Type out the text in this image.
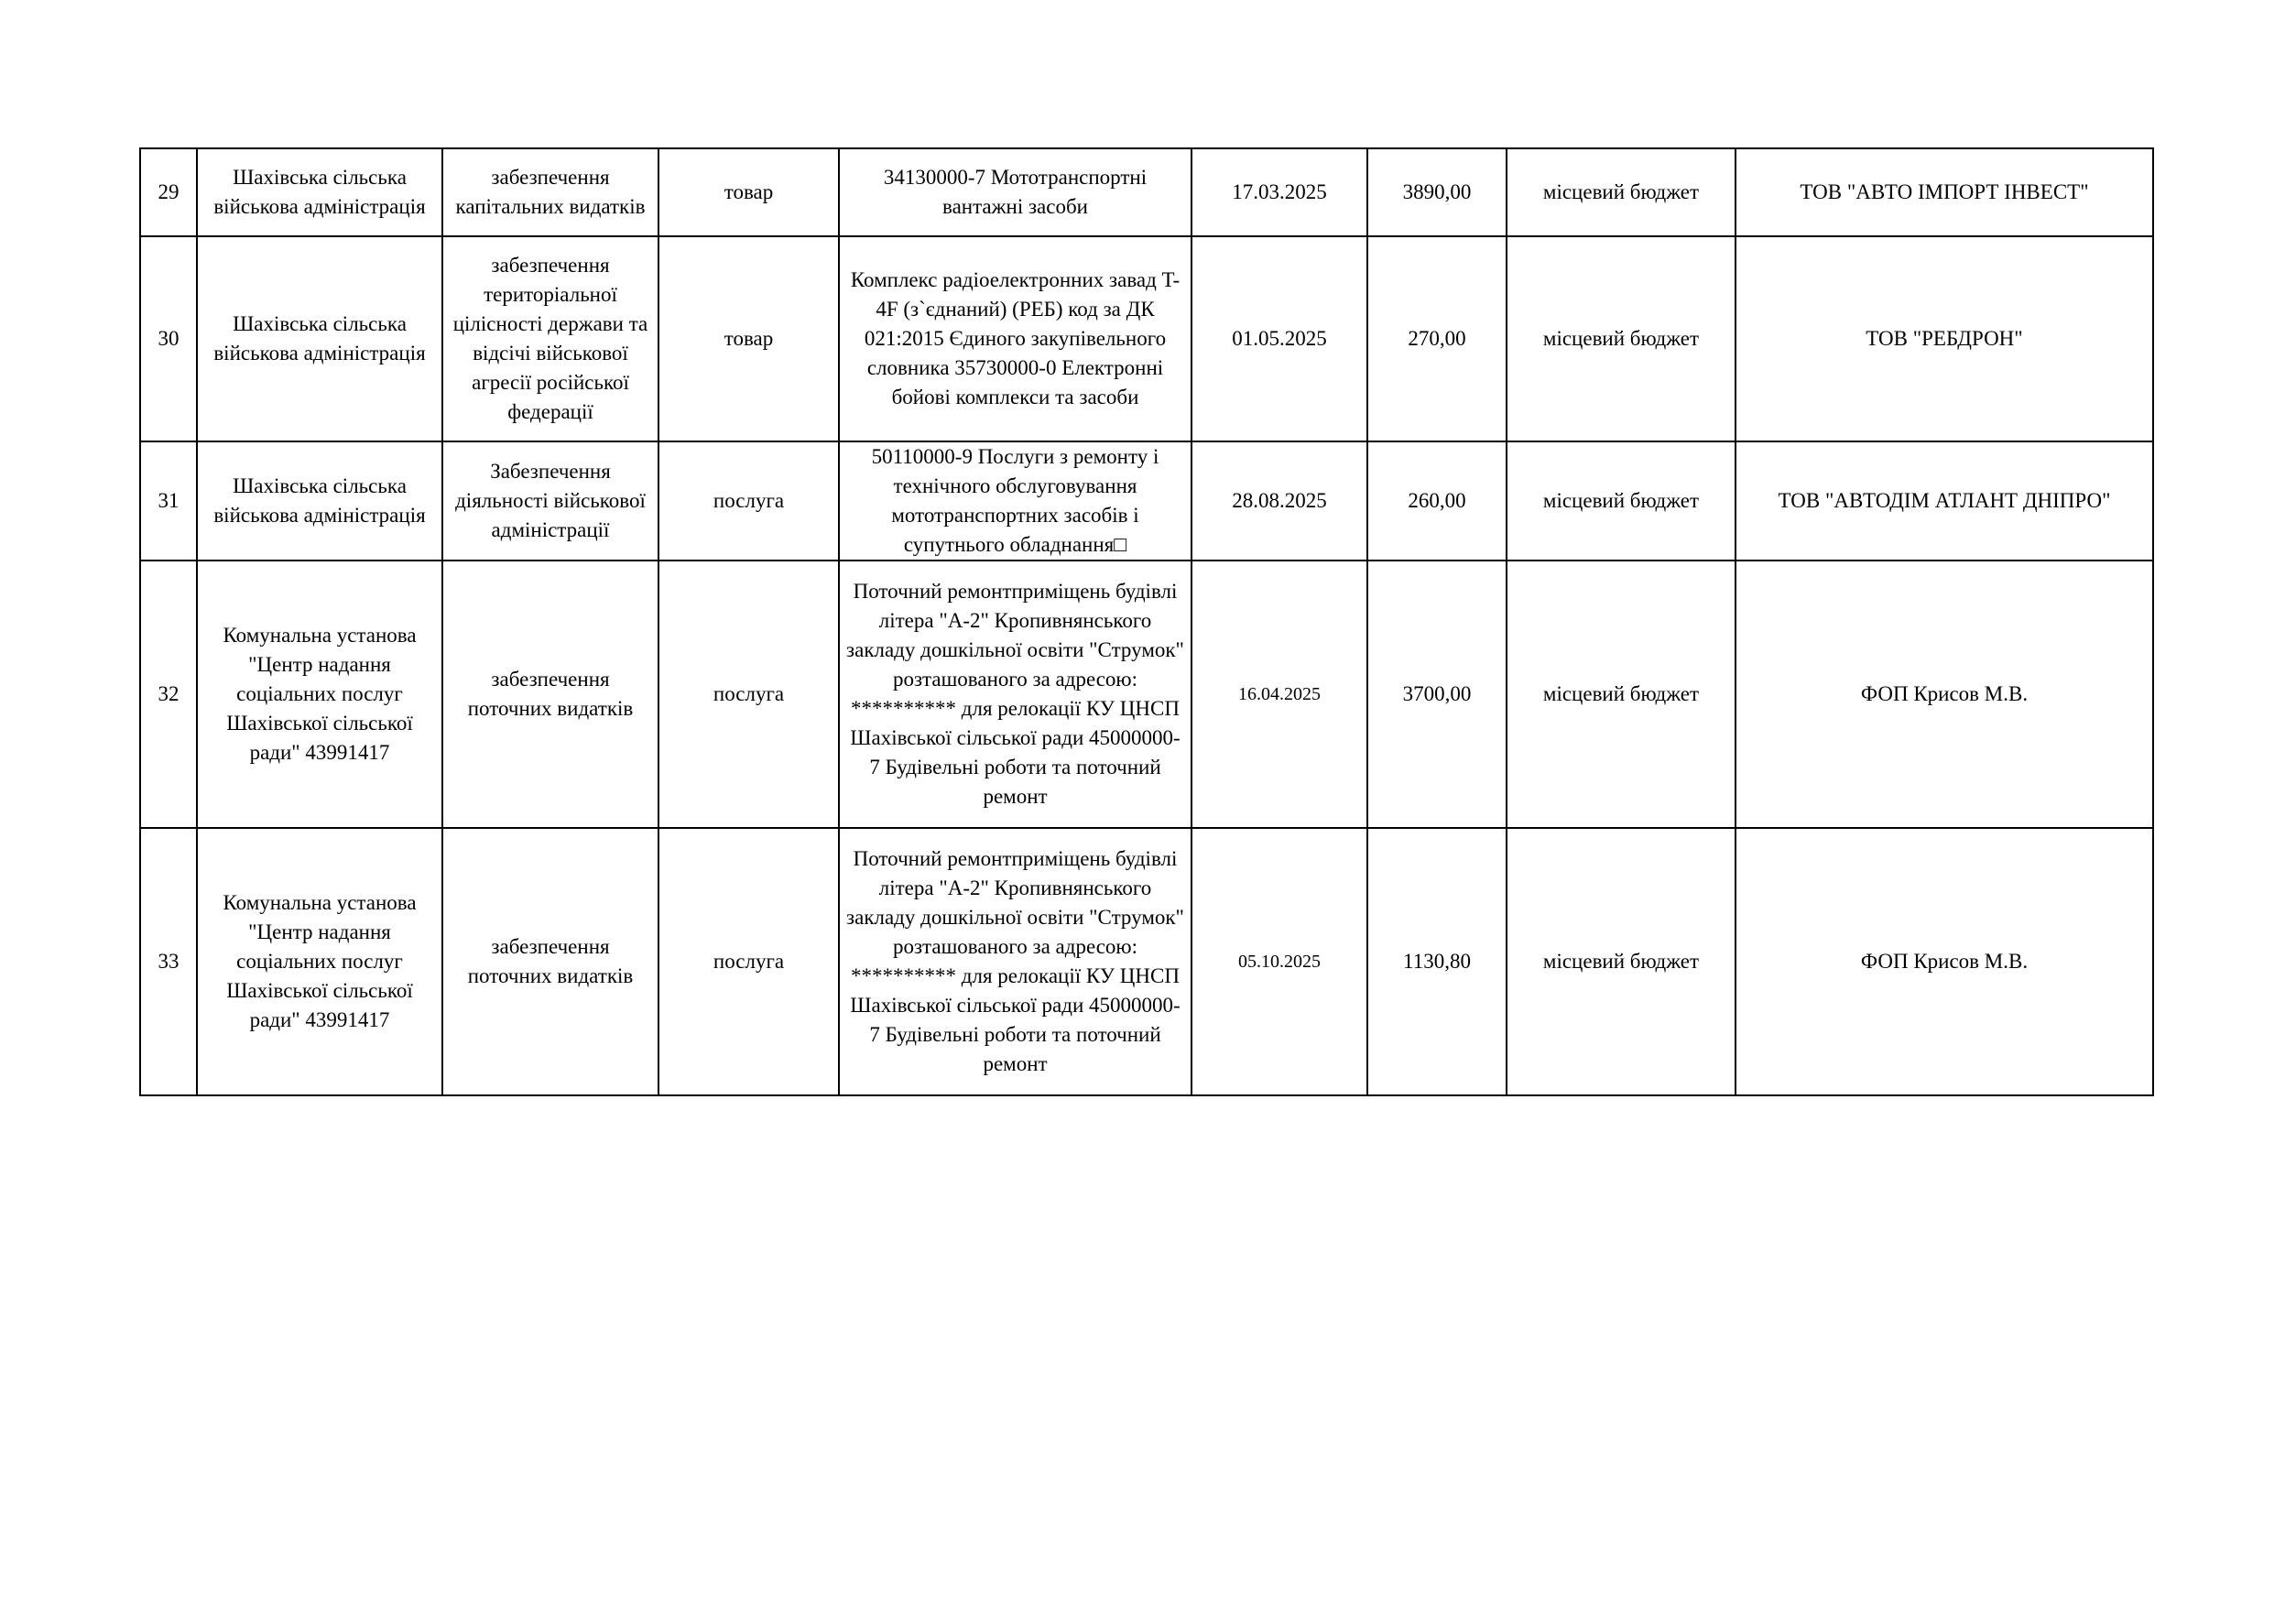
29	Шахівська сільська військова адміністрація	забезпечення капітальних видатків	товар	34130000-7 Мототранспортні вантажні засоби	17.03.2025	3890,00	місцевий бюджет	ТОВ "АВТО ІМПОРТ ІНВЕСТ"

30	Шахівська сільська військова адміністрація	забезпечення територіальної цілісності держави та відсічі військової агресії російської федерації	товар	Комплекс радіоелектронних завад T-4F (з`єднаний) (РЕБ) код за ДК 021:2015 Єдиного закупівельного словника 35730000-0 Електронні бойові комплекси та засоби	01.05.2025	270,00	місцевий бюджет	ТОВ "РЕБДРОН"

31	Шахівська сільська військова адміністрація	Забезпечення діяльності військової адміністрації	послуга	50110000-9 Послуги з ремонту і технічного обслуговування мототранспортних засобів і супутнього обладнання□	28.08.2025	260,00	місцевий бюджет	ТОВ "АВТОДІМ АТЛАНТ ДНІПРО"

32	Комунальна установа "Центр надання соціальних послуг Шахівської сільської ради" 43991417	забезпечення поточних видатків	послуга	Поточний ремонтприміщень будівлі літера "А-2" Кропивнянського закладу дошкільної освіти "Струмок" розташованого за адресою: ********** для релокації КУ ЦНСП Шахівської сільської ради 45000000-7 Будівельні роботи та поточний ремонт	16.04.2025	3700,00	місцевий бюджет	ФОП Крисов М.В.

33	Комунальна установа "Центр надання соціальних послуг Шахівської сільської ради" 43991417	забезпечення поточних видатків	послуга	Поточний ремонтприміщень будівлі літера "А-2" Кропивнянського закладу дошкільної освіти "Струмок" розташованого за адресою: ********** для релокації КУ ЦНСП Шахівської сільської ради 45000000-7 Будівельні роботи та поточний ремонт	05.10.2025	1130,80	місцевий бюджет	ФОП Крисов М.В.
